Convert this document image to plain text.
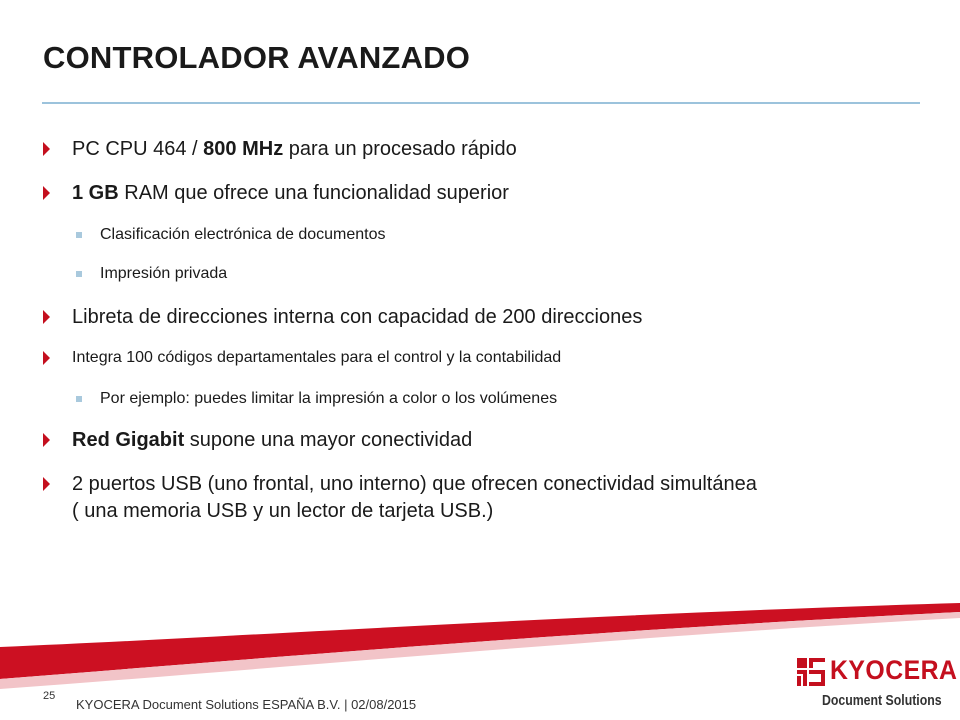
CONTROLADOR AVANZADO
PC CPU 464 / 800 MHz para un procesado rápido
1 GB RAM que ofrece una funcionalidad superior
Clasificación electrónica de documentos
Impresión privada
Libreta de direcciones interna con capacidad de 200 direcciones
Integra 100 códigos departamentales para el control y la contabilidad
Por ejemplo: puedes limitar la impresión a color o los volúmenes
Red Gigabit supone una mayor conectividad
2 puertos USB (uno frontal, uno interno) que ofrecen conectividad simultánea
( una memoria USB y un lector de tarjeta USB.)
25
KYOCERA Document Solutions ESPAÑA B.V. | 02/08/2015
KYOCERA
Document Solutions
